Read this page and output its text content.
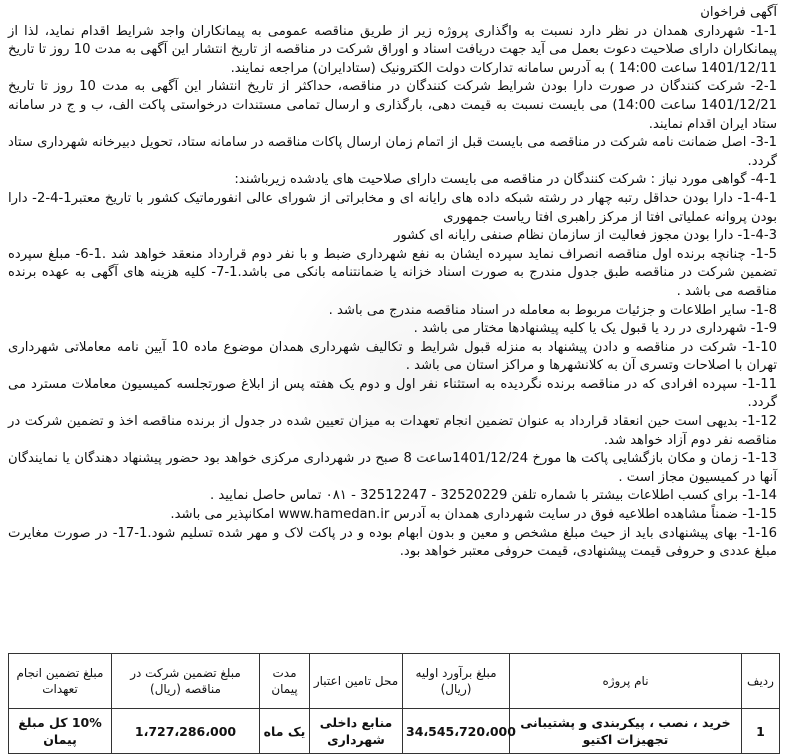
آگهی فراخوان

1-1- شهرداری همدان در نظر دارد نسبت به واگذاری پروژه زیر از طریق مناقصه عمومی به پیمانکاران واجد شرایط اقدام نماید، لذا از پیمانکاران دارای صلاحیت دعوت بعمل می آید جهت دریافت اسناد و اوراق شرکت در مناقصه از تاریخ انتشار این آگهی به مدت 10 روز تا تاریخ 1401/12/11 ساعت 14:00 ) به آدرس سامانه تدارکات دولت الکترونیک (ستادایران) مراجعه نمایند.

2-1- شرکت کنندگان در صورت دارا بودن شرایط شرکت کنندگان در مناقصه، حداکثر از تاریخ انتشار این آگهی به مدت 10 روز تا تاریخ 1401/12/21 ساعت 14:00) می بایست نسبت به قیمت دهی، بارگذاری و ارسال تمامی مستندات درخواستی پاکت الف، ب و ج در سامانه ستاد ایران اقدام نمایند.

3-1- اصل ضمانت نامه شرکت در مناقصه می بایست قبل از اتمام زمان ارسال پاکات مناقصه در سامانه ستاد، تحویل دبیرخانه شهرداری ستاد گردد.

4-1- گواهی مورد نیاز : شرکت کنندگان در مناقصه می بایست دارای صلاحیت های یادشده زیرباشند:

1-4-1- دارا بودن حداقل رتبه چهار در رشته شبکه داده های رایانه ای و مخابراتی از شورای عالی انفورماتیک کشور با تاریخ معتبر1-4-2- دارا بودن پروانه عملیاتی افتا از مرکز راهبری افتا ریاست جمهوری

1-4-3- دارا بودن مجوز فعالیت از سازمان نظام صنفی رایانه ای کشور

1-5- چنانچه برنده اول مناقصه انصراف نماید سپرده ایشان به نفع شهرداری ضبط و با نفر دوم قرارداد منعقد خواهد شد .1-6- مبلغ سپرده تضمین شرکت در مناقصه طبق جدول مندرج به صورت اسناد خزانه یا ضمانتنامه بانکی می باشد.1-7- کلیه هزینه های آگهی به عهده برنده مناقصه می باشد .

1-8- سایر اطلاعات و جزئیات مربوط به معامله در اسناد مناقصه مندرج می باشد .

1-9- شهرداری در رد یا قبول یک یا کلیه پیشنهادها مختار می باشد .

1-10- شرکت در مناقصه و دادن پیشنهاد به منزله قبول شرایط و تکالیف شهرداری همدان موضوع ماده 10 آیین نامه معاملاتی شهرداری تهران با اصلاحات وتسری آن به کلانشهرها و مراکز استان می باشد .

1-11- سپرده افرادی که در مناقصه برنده نگردیده به استثناء نفر اول و دوم یک هفته پس از ابلاغ صورتجلسه کمیسیون معاملات مسترد می گردد.

1-12- بدیهی است حین انعقاد قرارداد به عنوان تضمین انجام تعهدات به میزان تعیین شده در جدول از برنده مناقصه اخذ و تضمین شرکت در مناقصه نفر دوم آزاد خواهد شد.

1-13- زمان و مکان بازگشایی پاکت ها مورخ 1401/12/24ساعت 8 صبح در شهرداری مرکزی خواهد بود حضور پیشنهاد دهندگان یا نمایندگان آنها در کمیسیون مجاز است .

1-14- برای کسب اطلاعات بیشتر با شماره تلفن 32520229 - 32512247 - ۰۸۱ تماس حاصل نمایید .

1-15- ضمناً مشاهده اطلاعیه فوق در سایت شهرداری همدان به آدرس www.hamedan.ir امکانپذیر می باشد.

1-16- بهای پیشنهادی باید از حیث مبلغ مشخص و معین و بدون ابهام بوده و در پاکت لاک و مهر شده تسلیم شود.1-17- در صورت مغایرت مبلغ عددی و حروفی قیمت پیشنهادی، قیمت حروفی معتبر خواهد بود.

ردیف	نام پروژه	مبلغ برآورد اولیه (ریال)	محل تامین اعتبار	مدت پیمان	مبلغ تضمین شرکت در مناقصه (ریال)	مبلغ تضمین انجام تعهدات
1	خرید ، نصب ، پیکربندی و پشتیبانی تجهیزات اکتیو	34،545،720،000	منابع داخلی شهرداری	یک ماه	1،727،286،000	10% کل مبلغ پیمان
